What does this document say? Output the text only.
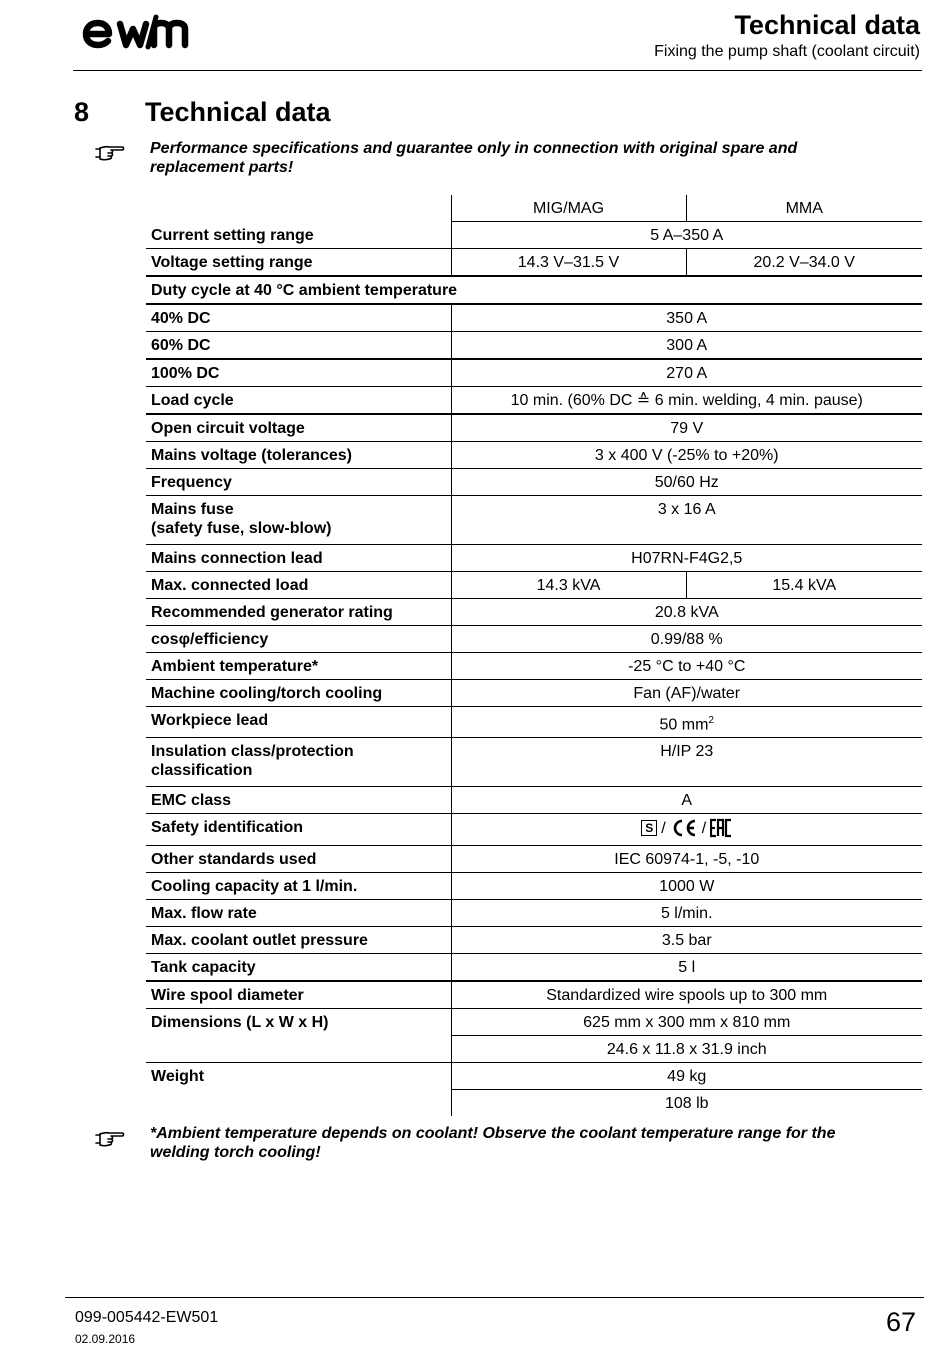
Technical data
Fixing the pump shaft (coolant circuit)
8 Technical data
Performance specifications and guarantee only in connection with original spare and replacement parts!
	MIG/MAG	MMA
Current setting range	5 A–350 A	
Voltage setting range	14.3 V–31.5 V	20.2 V–34.0 V
Duty cycle at 40 °C ambient temperature		
40% DC	350 A	
60% DC	300 A	
100% DC	270 A	
Load cycle	10 min. (60% DC ≙ 6 min. welding, 4 min. pause)	
Open circuit voltage	79 V	
Mains voltage (tolerances)	3 x 400 V (-25% to +20%)	
Frequency	50/60 Hz	

Mains fuse
(safety fuse, slow-blow)	3 x 16 A	
Mains connection lead	H07RN-F4G2,5	
Max. connected load	14.3 kVA	15.4 kVA
Recommended generator rating	20.8 kVA	
cosφ/efficiency	0.99/88 %	
Ambient temperature*	-25 °C to +40 °C	
Machine cooling/torch cooling	Fan (AF)/water	
Workpiece lead	50 $mm^2$

Insulation class/protection
classification	H/IP 23	
EMC class	A	
Safety identification	S / /	

Other standards used	IEC 60974-1, -5, -10	
Cooling capacity at 1 l/min.	1000 W	
Max. flow rate	5 l/min.	
Max. coolant outlet pressure	3.5 bar	
Tank capacity	5 l	
Wire spool diameter	Standardized wire spools up to 300 mm	
Dimensions (L x W x H)	625 mm x 300 mm x 810 mm	
	24.6 x 11.8 x 31.9 inch	
Weight	49 kg	
	108 lb	
*Ambient temperature depends on coolant! Observe the coolant temperature range for the welding torch cooling!
099-005442-EW501
02.09.2016
67
